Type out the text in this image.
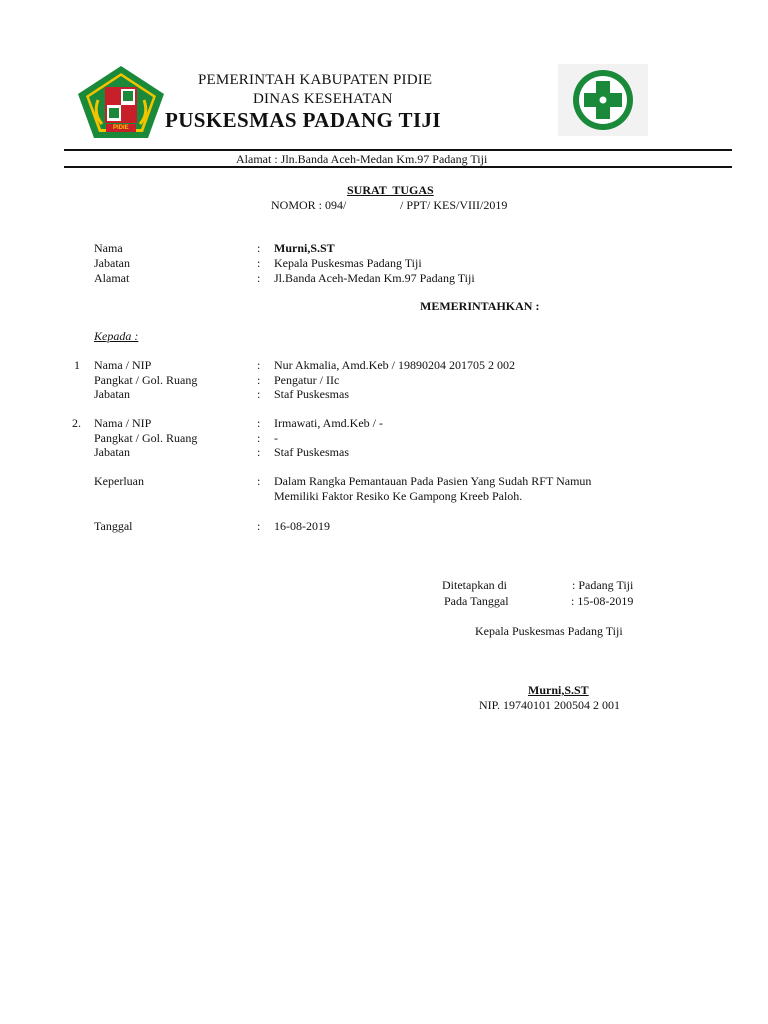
PIDIE
PEMERINTAH KABUPATEN PIDIE
DINAS KESEHATAN
PUSKESMAS PADANG TIJI
Alamat : Jln.Banda Aceh-Medan Km.97 Padang Tiji
SURAT  TUGAS
NOMOR : 094/	/ PPT/ KES/VIII/2019
Nama	: Murni,S.ST
Jabatan	: Kepala Puskesmas Padang Tiji
Alamat	: Jl.Banda Aceh-Medan Km.97 Padang Tiji
MEMERINTAHKAN :
Kepada :
1 Nama / NIP	: Nur Akmalia, Amd.Keb / 19890204 201705 2 002
Pangkat / Gol. Ruang	: Pengatur / IIc
Jabatan	: Staf Puskesmas
2. Nama / NIP	: Irmawati, Amd.Keb / -
Pangkat / Gol. Ruang	: -
Jabatan	: Staf Puskesmas
Keperluan	: Dalam Rangka Pemantauan Pada Pasien Yang Sudah RFT Namun
Memiliki Faktor Resiko Ke Gampong Kreeb Paloh.
Tanggal	: 16-08-2019
Ditetapkan di	: Padang Tiji
Pada Tanggal	: 15-08-2019
Kepala Puskesmas Padang Tiji
Murni,S.ST
NIP. 19740101 200504 2 001
